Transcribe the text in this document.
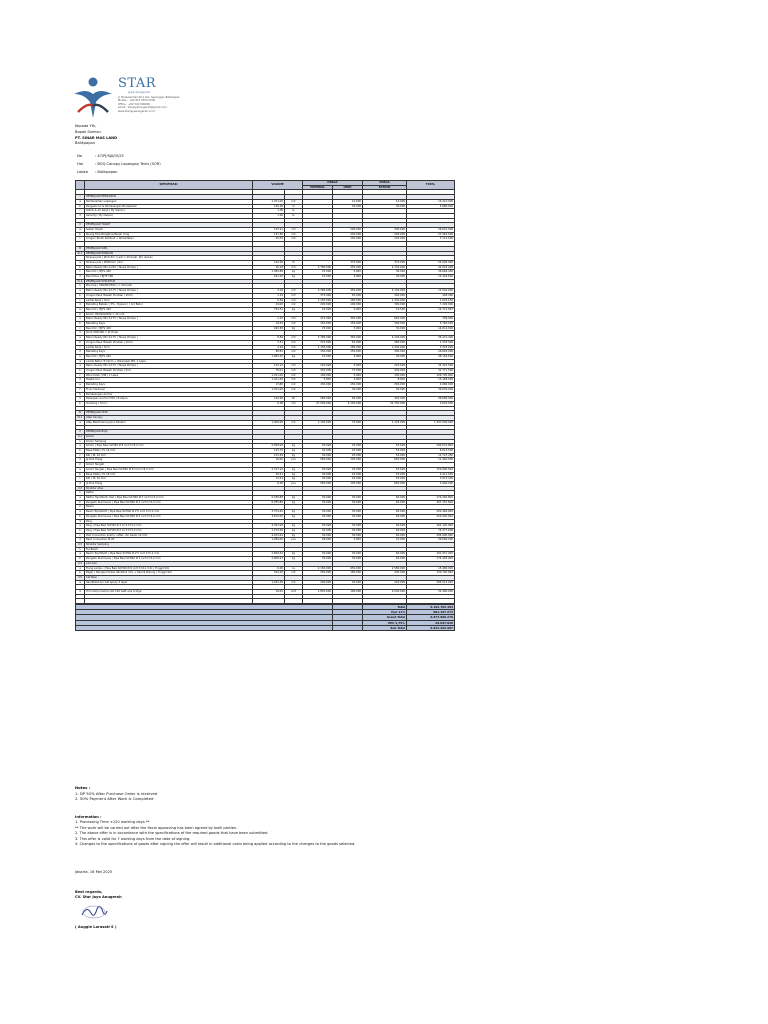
STAR
Jaya Anugerah
Jl. Mulawarman No.1 Kel. Sepinggan Balikpapan
Mobile : +62 812 5555 0000
Office : +62 542 000000
email : starjayaanugerah@gmail.com
www.starjayaanugerah.co.id
Kepada Yth,
Bapak Salman
PT. SINAR MAS LAND
Balikpapan
No	: 47/PJ/SJA/IV/25
Hal	: BOQ Canopy Lapangan Tenis (SOR)
Lokasi	: Balikpapan
	SPESIFIKASI	VOLUME		HARGA		HARGA	TOTAL
				MATERIAL	UPAH	SATUAN	

I	PEKERJAAN PERSIAPAN						
a	Pembersihan Lapangan	1.321,00	m2		10.000	10.000	13.210.000
b	Pengukuran & Pemasangan Bouwplank	156,00	m		30.000	30.000	4.680.000
c	Listrik & Air Kerja ( By Owner)	1,00	ls				
d	Security ( By Owner)	1,00	ls				

II	PEKERJAAN TANAH						
a	Galian Tanah	133,21	m3		200.000	200.000	26.641.900
b	Ruang Tiba Bangkirai/Tanah Urug	137,82	m2		200.000	200.000	27.564.000
c	Urugan Tanah Kembali + Pemadatan	25,55	m3		150.000	150.000	3.712.500

III	PEKERJAAN SIPIL						
III.1	PEKERJAAN PONDASI						
	Strauss pile ( Ø=0,3m ) Ledi = 20 buah, 6m ukuran						
a	Strauss pile ( Ø300mm ) 6m	144,00	m'		375.000	375.000	54.000.000
b	Beton Ready Mix K-225 ( Tanpa Pompa )	10,18	m3	3.780.000	350.000	4.130.000	42.043.400
c	Besi Ulir ( BJTS 420	1.380,88	kg	25.000	5.000	30.000	39.666.400
d	Besi Polos ( BJTP 280	421,02	kg	25.000	5.000	30.000	12.444.600
III.2	PEKERJAAN STRUKTUR						
1	Pile Cap ( 500/800/500 ) = 20 buah						
a	Beton Ready Mix K-175 ( Tanpa Pompa )	3,04	m3	3.780.000	350.000	4.130.000	12.540.000
b	Urugan Pasir Bawah Pondasi ( 10cm	1,18	m3	375.000	65.000	440.000	448.400
c	Lantai Kerja ( 5cm	0,59	m3	1.150.000	180.000	1.330.000	1.025.150
d	Bekisting Batako ( 3% - Hyperx ) / 1/2 Batur	24,00	m2	200.000	100.000	300.000	7.200.000
e	Besi Ulir ( BJTS 420	754,51	kg	25.000	5.000	19.500	14.712.897
2	Kolom 300/200/500 = 24 unit						
a	Beton Ready Mix K-175 ( Tanpa Pompa )	1,22	m3	315.000	350.000	665.000	799.000
b	Bekisting Kayu	19,20	m2	150.000	150.000	300.000	5.760.000
c	Besi Ulir ( BJTS 420	493,83	kg	25.000	5.000	30.000	14.814.900
3	Sloof 200/300 = Pr Hider						
a	Beton Ready Mix K-175 ( Tanpa Pompa )	8,84	m3	3.780.000	350.000	4.130.000	36.474.400
b	Urugan Pasir Bawah Pondasi ( 10cm	3,51	m3	315.000	65.000	380.000	1.333.400
c	Lantai Kerja ( 5cm	2,94	m3	1.150.000	180.000	1.330.000	3.325.000
d	Bekisting Kayu	88,82	m2	150.000	150.000	300.000	26.640.000
e	Besi Ulir ( BJTS 420	1.485,20	kg	25.000	5.000	30.000	48.156.600
4	Lantai Beton Tr.10cm + Wiremesh M8, 1 Lapis						
a	Beton Ready Mix K-175 ( Tanpa Pompa )	132,10	m3	220.000	5.000	225.000	34.322.500
b	Urugan Pasir Bawah Pondasi ( 5cm	76,01	m3	350.000	75.000	430.000	32.771.500
c	Wire mesh ( M8 ) 1 Lapis	1.321,00	m2	100.000	5.000	105.000	109.705.000
d	Plastik Cor	1.321,00	m2	5.000	3.000	8.000	13.168.000
e	Bekisting Kayu	13,80	m2	150.000	150.000	300.000	4.680.000
f	Floor hardener	1.321,00	m2		30.000	30.000	39.630.000
5	Pemasangan Anchor						
a	Pekerjaan Anchor M16 ( 8+6pcs	144,00	bh	280.000	65.000	345.000	49.680.000
b	Grouting ( 5cm )	0,08	m3	27.500.000	5.150.000	32.750.000	3.620.000

IV	PEKERJAAN ATAP						
IV.1	Atap Canopy						
a	Atap Membrane Jaylon Ekslam	1.360,00	m2	1.100.000	75.000	1.175.000	1.597.000.000

V	PEKERJAAN BAJA						
V.1	Kolom						
1	Kolom Samping						
a	Kolom ( Pipa Besi SCH40 Ø 8 Inch t=8,2 mm	5.598,00	kg	30.000	25.000	55.000	290.074.800
b	Base Plate ( PL 16 mm	145,70	kg	30.000	25.000	55.000	8.013.500
c	Rib ( PL 10 mm	213,59	kg	30.000	25.000	55.000	11.747.450
d	Ja Dok Tiang	16,00	pcs	560.000	105.000	665.000	11.460.000
2	Kolom Tengah						
a	Kolom Tengah ( Pipa Besi SCH40 Ø 8 Inch t=8,2 mm	2.747,10	kg	30.000	25.000	55.000	150.090.500
b	Base Plate ( PL 16 mm	40,21	kg	30.000	25.000	55.000	2.211.550
c	Rib ( PL 10 mm	72,24	kg	30.000	25.000	55.000	3.974.400
d	Ja Dok Tiang	6,00	pcs	560.000	105.000	665.000	3.960.000
V.2	Struktur Atas						
1	Rafter						
a	Rafter Topddbott, Rail ( Pipa Besi SCH40 Ø 3 inch t=5,2 mm	6.338,88	kg	30.000	30.000	60.000	274.284.800
b	Pengaku Kremvena ( Pipa Besi SCH40 Ø 3 inch t=5,2 mm	6.785,86	kg	30.000	30.000	60.000	407.151.600
2	Beam						
a	Beam Topddbott ( Pipa Besi SCH40 Ø 2½ inch t=5,2 mm	3.374,40	kg	30.000	30.000	60.000	202.464.000
b	Pengaku Kremvena ( Pipa Besi SCH40 Ø 3 inch t=5,2 mm	3.672,00	kg	30.000	30.000	60.000	220.320.000
3	Ring						
a	Ring ( Pipa Besi SCH40 Ø 3 inch t=5,2 mm	4.352,00	kg	30.000	30.000	60.000	261.120.000
b	Ring ( Pipa Besi SCH40 Ø 2 inch t=5,2 mm	1.272,96	kg	30.000	30.000	60.000	76.377.600
c	Plat connection kolom, rafter, ilm beam 10 mm	4.915,00	kg	30.000	30.000	60.000	294.900.000
d	Baut connection M 20	1.280,00	pcs	28.000	3.000	31.000	39.680.000
V.3	Struktur Samping						
1	Tie Beam						
a	Beam Topddbott ( Pipa Besi SCH40 Ø 2½ inch t=5,2 mm	2.699,52	kg	30.000	30.000	60.000	161.971.200
b	Pengaku Kremvena ( Pipa Besi SCH40 Ø 3 inch t=5,2 mm	2.908,22	kg	30.000	30.000	60.000	174.493.200
V.4	Lain-lain						
a	Tiang Lampu ( Pipa Besi SCH40 Ø 6 inch t=6,2 mm ) Tinggi=6m	6,00	Ls	2.150.000	650.000	2.580.000	15.480.000
b	Pagar ( Rangka Hollow 40x40x2 mm + Ramdi Bulung ) Tinggi=4m	304,02	m2	250.000	180.000	430.000	130.720.000
V.5	Cat Besi						
a	Sandblast Ani Cat epoxy 3 layer	1.165,36	m2	200.000	45.000	245.000	285.513.200

a	Trim lampu lampu led 100 watt ana pridge	16,00	unit	1.850.000	180.000	2.030.000	32.480.000

		Total	6.192.702.493
		Ppn 11%	681.197.274
		Grand Total	6.873.900.270
		PPh 1,75%	29.697.029
		Sub Total	6.844.202.587
Notes :
1. DP 50% After Purchase Order is received
2. 50% Payment After Work is Completed
Information :
1. Processing Time ±120 working days **
** The work will be carried out after the fiscal approving has been agreed by both parties.
2. The above offer is in accordance with the specifications of the required goods that have been submitted.
3. This offer is valid for 7 working days from the date of signing.
4. Changes to the specifications of goods after signing the offer will result in additional costs being applied according to the changes to the goods selected.
Jakarta, 16 Mei 2025
Best regards,
CV. Star Jaya Anugerah
( Anggie Lorasati S )
